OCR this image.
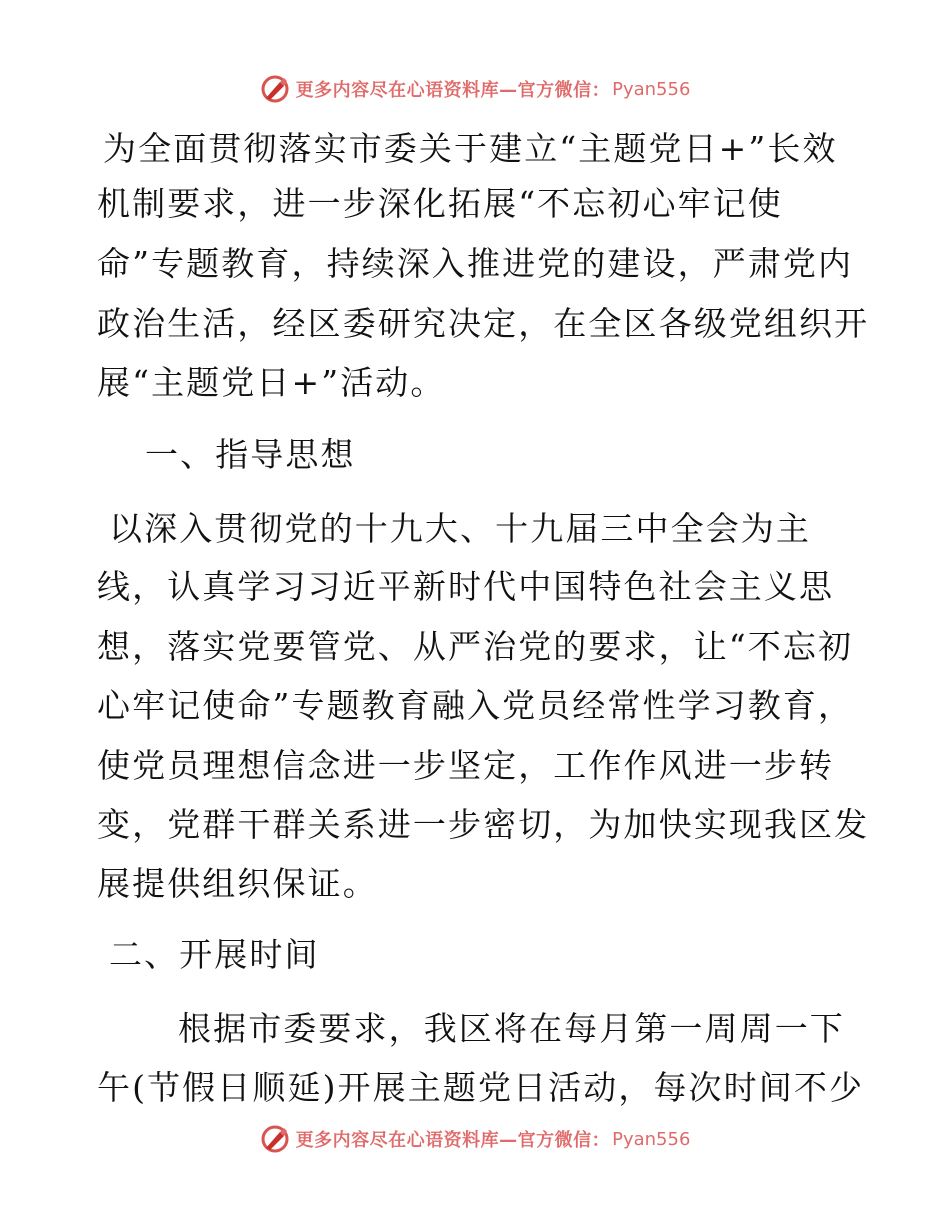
更多内容尽在心语资料库—官方微信： Pyan556
为全面贯彻落实市委关于建立“主题党日+”长效
机制要求，进一步深化拓展“不忘初心牢记使
命”专题教育，持续深入推进党的建设，严肃党内
政治生活，经区委研究决定，在全区各级党组织开
展“主题党日+”活动。
一、指导思想
以深入贯彻党的十九大、十九届三中全会为主
线，认真学习习近平新时代中国特色社会主义思
想，落实党要管党、从严治党的要求，让“不忘初
心牢记使命”专题教育融入党员经常性学习教育，
使党员理想信念进一步坚定，工作作风进一步转
变，党群干群关系进一步密切，为加快实现我区发
展提供组织保证。
二、开展时间
根据市委要求，我区将在每月第一周周一下
午(节假日顺延)开展主题党日活动，每次时间不少
更多内容尽在心语资料库—官方微信： Pyan556
